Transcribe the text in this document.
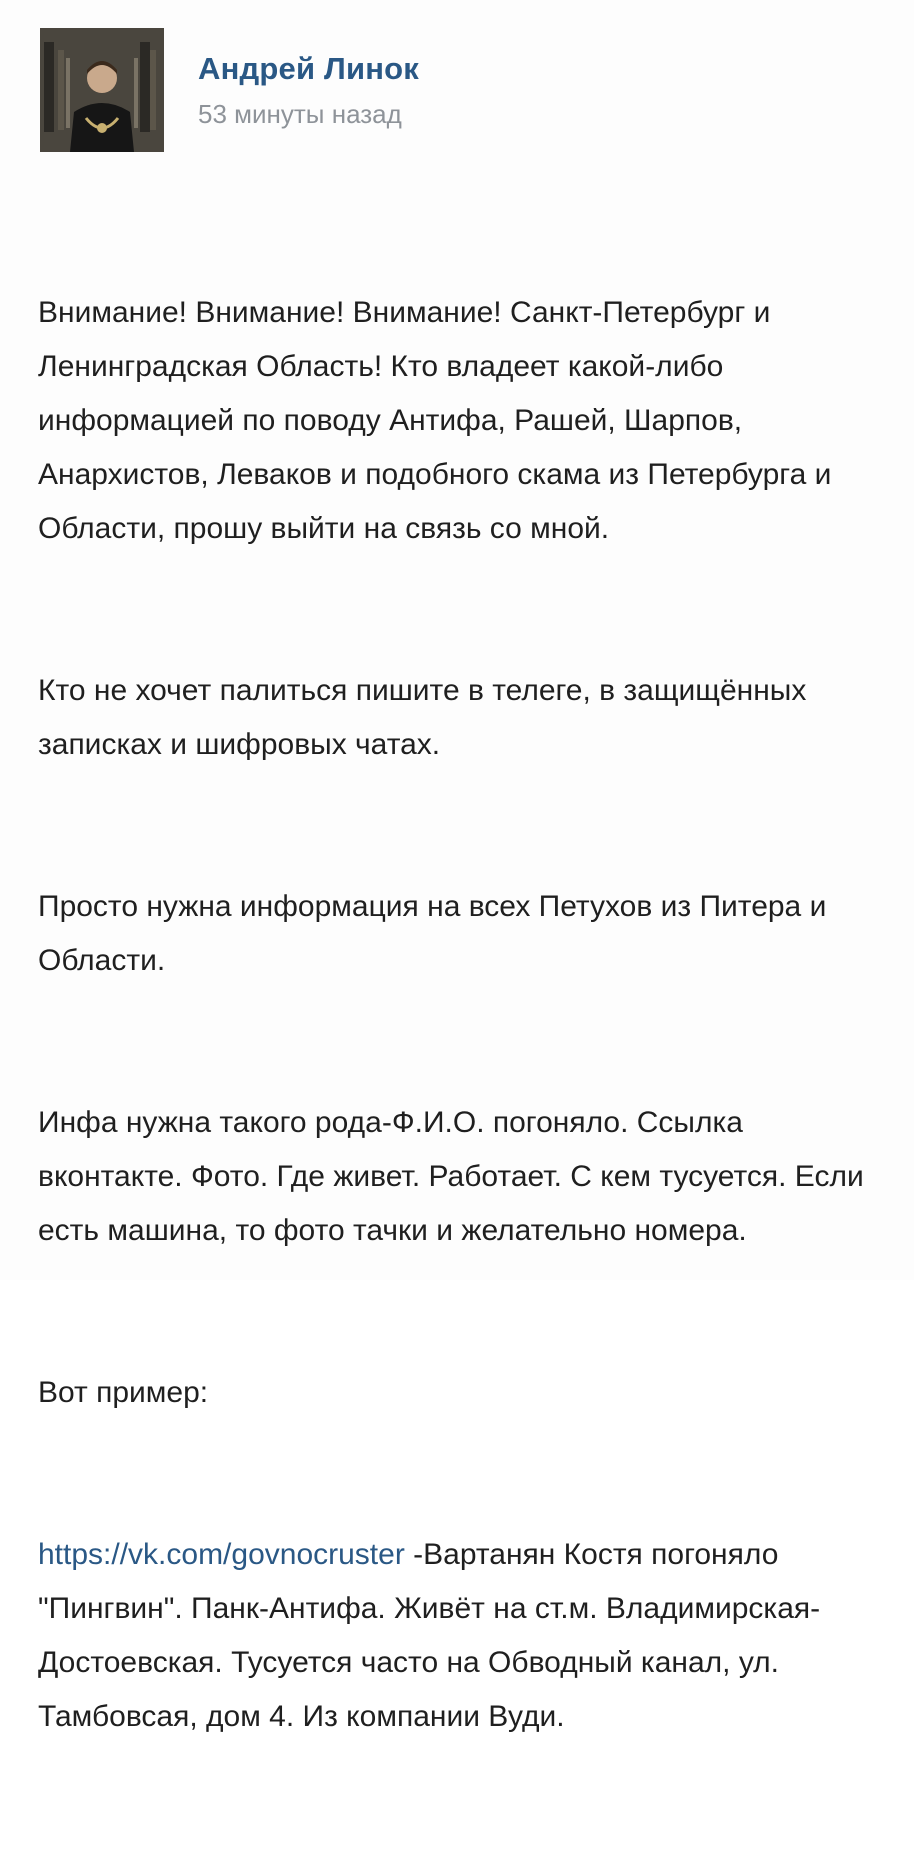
Андрей Линок
53 минуты назад

Внимание! Внимание! Внимание! Санкт-Петербург и Ленинградская Область! Кто владеет какой-либо информацией по поводу Антифа, Рашей, Шарпов, Анархистов, Леваков и подобного скама из Петербурга и Области, прошу выйти на связь со мной.

Кто не хочет палиться пишите в телеге, в защищённых записках и шифровых чатах.

Просто нужна информация на всех Петухов из Питера и Области.

Инфа нужна такого рода-Ф.И.О. погоняло. Ссылка вконтакте. Фото. Где живет. Работает. С кем тусуется. Если есть машина, то фото тачки и желательно номера.

Вот пример:

https://vk.com/govnocruster -Вартанян Костя погоняло "Пингвин". Панк-Антифа. Живёт на ст.м. Владимирская-Достоевская. Тусуется часто на Обводный канал, ул. Тамбовсая, дом 4. Из компании Вуди.
